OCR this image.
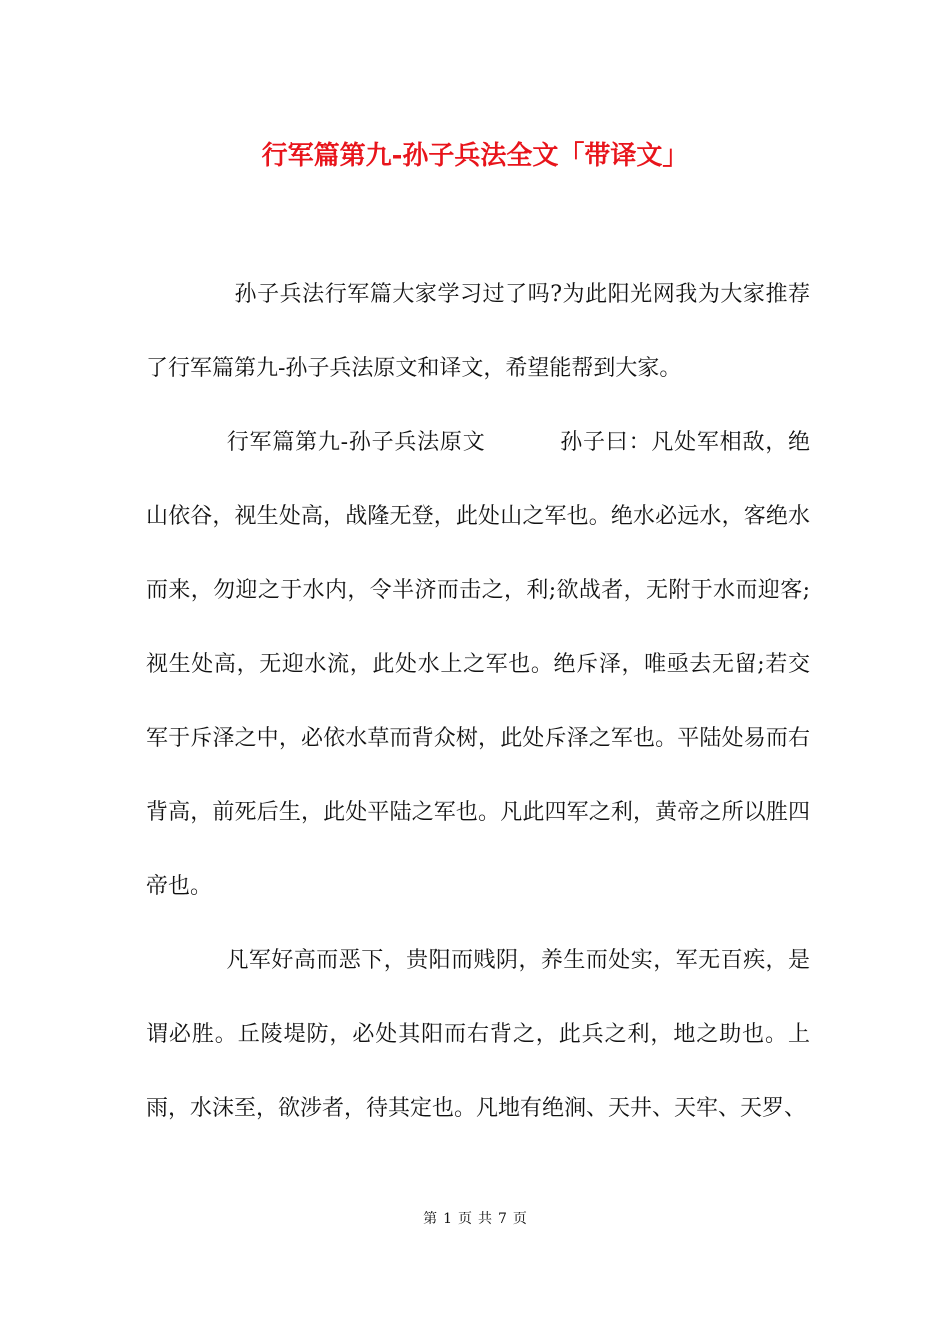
行军篇第九-孙子兵法全文「带译文」
孙子兵法行军篇大家学习过了吗?为此阳光网我为大家推荐了行军篇第九-孙子兵法原文和译文，希望能帮到大家。
行军篇第九-孙子兵法原文	孙子曰：凡处军相敌，绝山依谷，视生处高，战隆无登，此处山之军也。绝水必远水，客绝水而来，勿迎之于水内，令半济而击之，利;欲战者，无附于水而迎客;视生处高，无迎水流，此处水上之军也。绝斥泽，唯亟去无留;若交军于斥泽之中，必依水草而背众树，此处斥泽之军也。平陆处易而右背高，前死后生，此处平陆之军也。凡此四军之利，黄帝之所以胜四帝也。
凡军好高而恶下，贵阳而贱阴，养生而处实，军无百疾，是谓必胜。丘陵堤防，必处其阳而右背之，此兵之利，地之助也。上雨，水沫至，欲涉者，待其定也。凡地有绝涧、天井、天牢、天罗、
第 1 页 共 7 页
